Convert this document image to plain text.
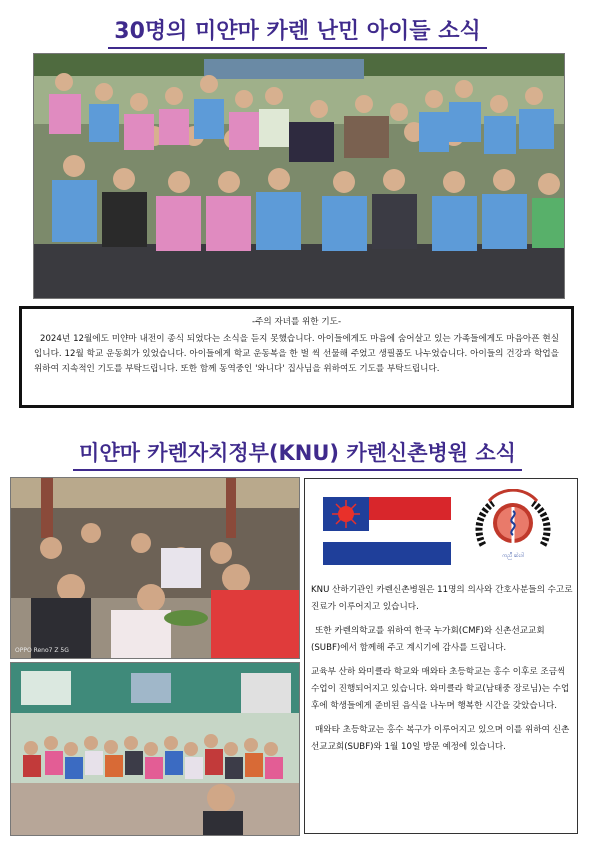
30명의 미얀마 카렌 난민 아이들 소식
-주의 자녀를 위한 기도-
2024년 12월에도 미얀마 내전이 종식 되었다는 소식을 듣지 못했습니다. 아이들에게도 마음에 숨어살고 있는 가족들에게도 마음아픈 현실입니다. 12월 학교 운동회가 있었습니다. 아이들에게 학교 운동복을 한 벌 씩 선물해 주었고 생필품도 나누었습니다. 아이들의 건강과 학업을 위하여 지속적인 기도를 부탁드립니다. 또한 함께 동역중인 '와니다' 집사님을 위하여도 기도를 부탁드립니다.
미얀마 카렌자치정부(KNU) 카렌신촌병원 소식
OPPO Reno7 Z 5G
ကညီ ဆဲးဒါ

KNU 산하기관인 카렌신촌병원은 11명의 의사와 간호사분들의 수고로 진료가 이루어지고 있습니다.

또한 카렌의학교를 위하여 한국 누가회(CMF)와 신촌선교교회(SUBF)에서 함께해 주고 계시기에 감사를 드립니다.

교육부 산하 와미클라 학교와 매와타 초등학교는 홍수 이후로 조금씩 수업이 진행되어지고 있습니다. 와미클라 학교(남태중 장로님)는 수업 후에 학생들에게 준비된 음식을 나누며 행복한 시간을 갖았습니다.

매와타 초등학교는 홍수 복구가 이루어지고 있으며 이를 위하여 신촌선교교회(SUBF)와 1월 10일 방문 예정에 있습니다.
